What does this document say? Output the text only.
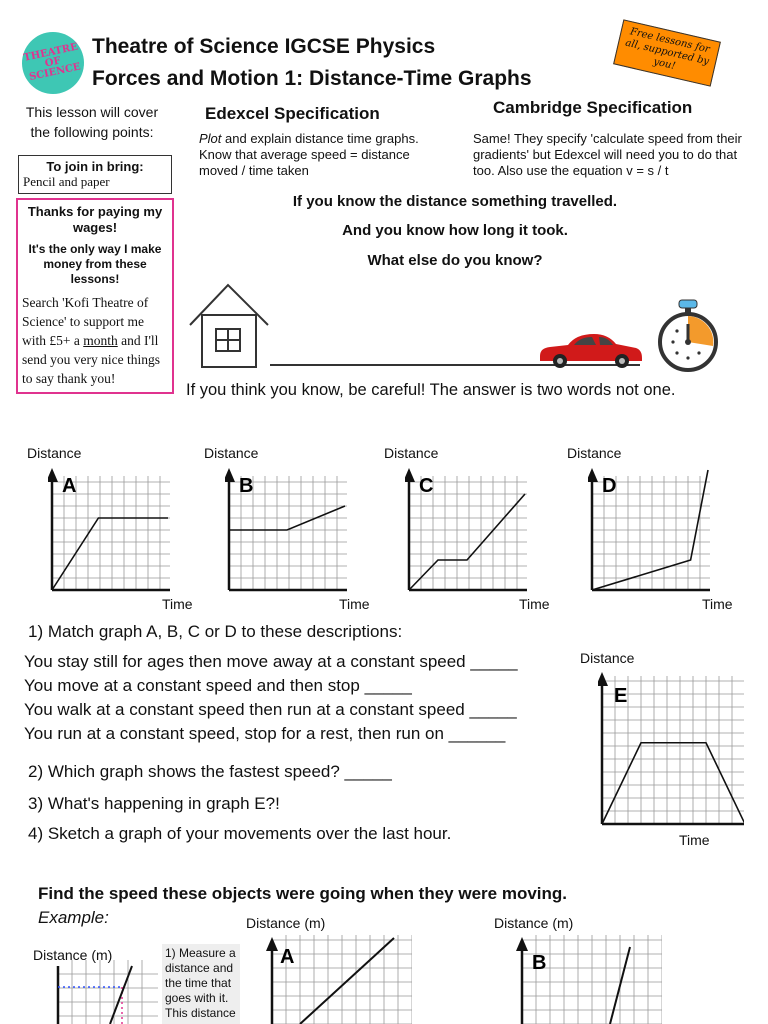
THEATRE OF SCIENCE
Theatre of Science IGCSE Physics
Forces and Motion 1: Distance-Time Graphs
Free lessons for all, supported by you!
This lesson will cover the following points:
To join in bring:
Pencil and paper
Thanks for paying my wages!
It's the only way I make money from these lessons!
Search 'Kofi Theatre of Science' to support me with £5+ a month and I'll send you very nice things to say thank you!
Edexcel Specification
Plot and explain distance time graphs. Know that average speed = distance moved / time taken
Cambridge Specification
Same! They specify 'calculate speed from their gradients' but Edexcel will need you to do that too. Also use the equation v = s / t
If you know the distance something travelled.
And you know how long it took.
What else do you know?
If you think you know, be careful! The answer is two words not one.
Distance
Time
A
Distance
Time
B
Distance
Time
C
Distance
Time
D
1) Match graph A, B, C or D to these descriptions:
You stay still for ages then move away at a constant speed _____
You move at a constant speed and then stop _____
You walk at a constant speed then run at a constant speed _____
You run at a constant speed, stop for a rest, then run on ______
2) Which graph shows the fastest speed? _____
3) What's happening in graph E?!
4) Sketch a graph of your movements over the last hour.
Distance
Time
E
Find the speed these objects were going when they were moving.
Example:
Distance (m)	1) Measure a distance and the time that goes with it. This distance
Distance (m)	Distance (m)
A	B
